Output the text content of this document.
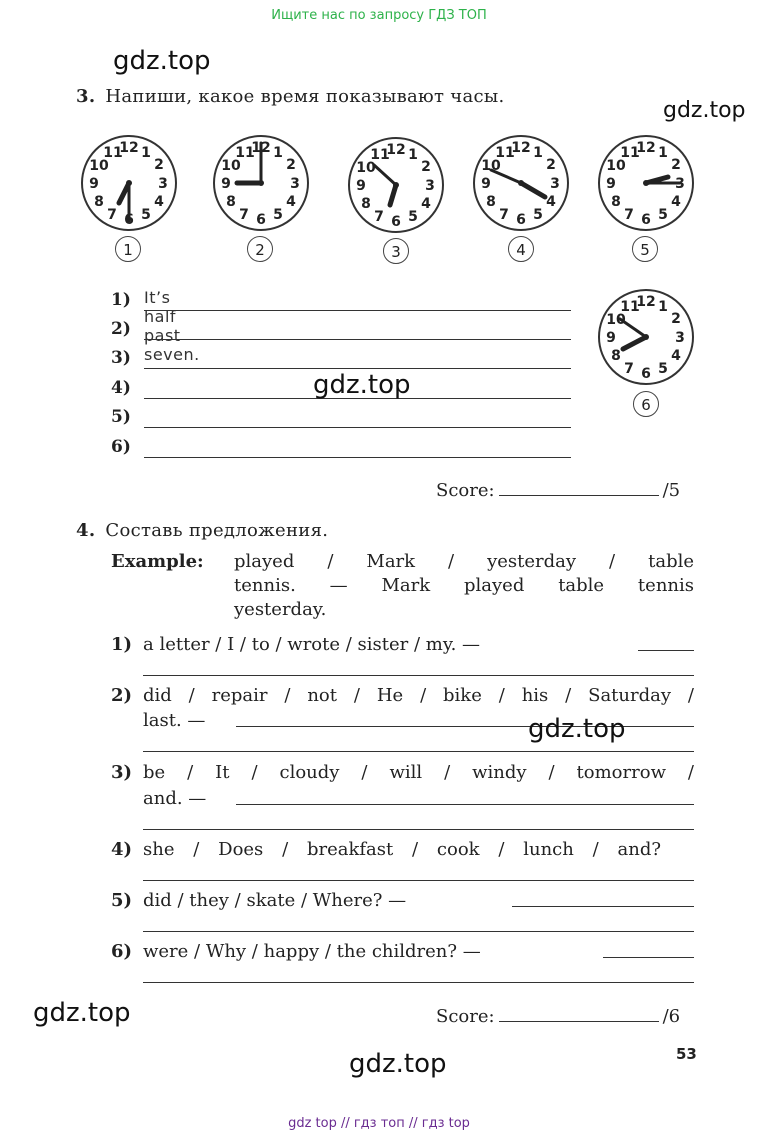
Ищите нас по запросу ГДЗ ТОП
gdz.top
gdz.top
3. Напиши, какое время показывают часы.
1	2	3	4	5
6
1) It’s half past seven.
2)
3)
4)
5)
6)
gdz.top
Score:	/5
4. Составь предложения.
Example: played / Mark / yesterday / table
tennis. — Mark played table tennis
yesterday.
1) a letter / I / to / wrote / sister / my. —
2) did / repair / not / He / bike / his / Saturday /
last. —	gdz.top
3) be / It / cloudy / will / windy / tomorrow /
and. —
4) she / Does / breakfast / cook / lunch / and?
5) did / they / skate / Where? —
6) were / Why / happy / the children? —
gdz.top	Score:	/6
gdz.top	53
gdz top // гдз топ // гдз top
